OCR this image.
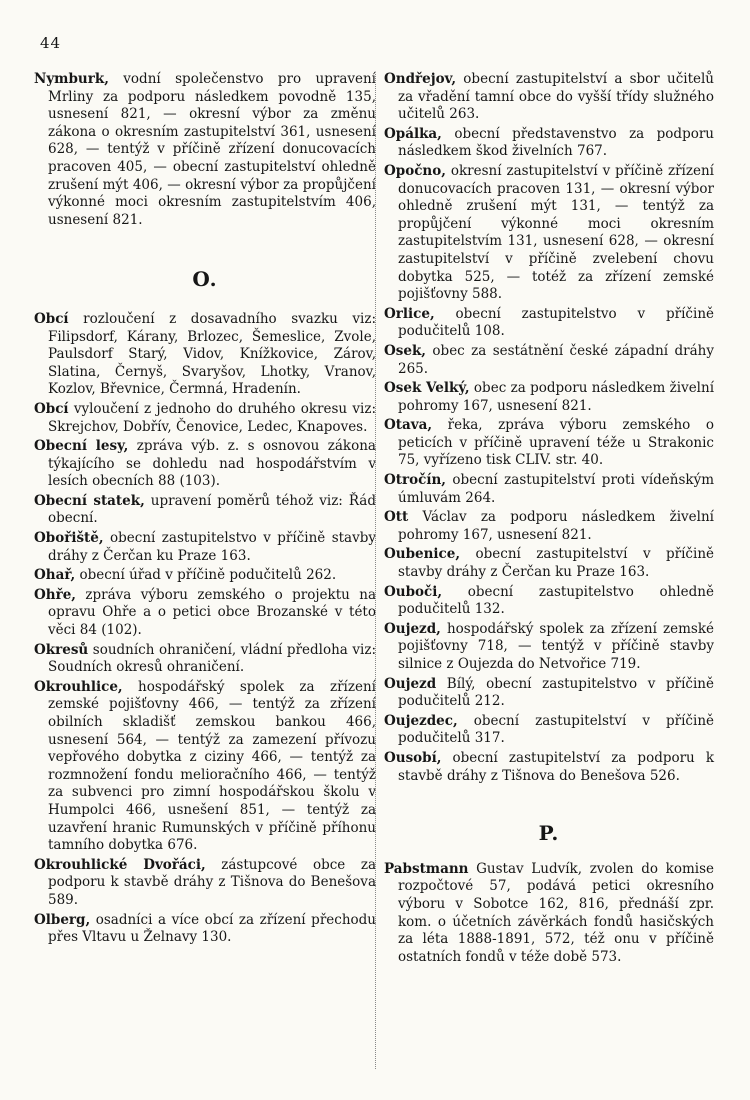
44
Nymburk, vodní společenstvo pro upravení Mrliny za podporu následkem povodně 135, usnesení 821, — okresní výbor za změnu zákona o okresním zastupitelství 361, usnesení 628, — tentýž v příčině zřízení donucovacích pracoven 405, — obecní zastupitelství ohledně zrušení mýt 406, — okresní výbor za propůjčení výkonné moci okresním zastupitelstvím 406, usnesení 821.
O.
Obcí rozloučení z dosavadního svazku viz: Filipsdorf, Kárany, Brlozec, Šemeslice, Zvole, Paulsdorf Starý, Vidov, Knížkovice, Zárov, Slatina, Černyš, Svaryšov, Lhotky, Vranov, Kozlov, Břevnice, Čermná, Hradenín.
Obcí vyloučení z jednoho do druhého okresu viz: Skrejchov, Dobřív, Čenovice, Ledec, Knapoves.
Obecní lesy, zpráva výb. z. s osnovou zákona týkajícího se dohledu nad hospodářstvím v lesích obecních 88 (103).
Obecní statek, upravení poměrů téhož viz: Řád obecní.
Obořiště, obecní zastupitelstvo v příčině stavby dráhy z Čerčan ku Praze 163.
Ohař, obecní úřad v příčině podučitelů 262.
Ohře, zpráva výboru zemského o projektu na opravu Ohře a o petici obce Brozanské v této věci 84 (102).
Okresů soudních ohraničení, vládní předloha viz: Soudních okresů ohraničení.
Okrouhlice, hospodářský spolek za zřízení zemské pojišťovny 466, — tentýž za zřízení obilních skladišť zemskou bankou 466, usnesení 564, — tentýž za zamezení přívozu vepřového dobytka z ciziny 466, — tentýž za rozmnožení fondu melioračního 466, — tentýž za subvenci pro zimní hospodářskou školu v Humpolci 466, usnešení 851, — tentýž za uzavření hranic Rumunských v příčině příhonu tamního dobytka 676.
Okrouhlické Dvořáci, zástupcové obce za podporu k stavbě dráhy z Tišnova do Benešova 589.
Olberg, osadníci a více obcí za zřízení přechodu přes Vltavu u Želnavy 130.
Ondřejov, obecní zastupitelství a sbor učitelů za vřadění tamní obce do vyšší třídy služného učitelů 263.
Opálka, obecní představenstvo za podporu následkem škod živelních 767.
Opočno, okresní zastupitelství v příčině zřízení donucovacích pracoven 131, — okresní výbor ohledně zrušení mýt 131, — tentýž za propůjčení výkonné moci okresním zastupitelstvím 131, usnesení 628, — okresní zastupitelství v příčině zvelebení chovu dobytka 525, — totéž za zřízení zemské pojišťovny 588.
Orlice, obecní zastupitelstvo v příčině podučitelů 108.
Osek, obec za sestátnění české západní dráhy 265.
Osek Velký, obec za podporu následkem živelní pohromy 167, usnesení 821.
Otava, řeka, zpráva výboru zemského o peticích v příčině upravení téže u Strakonic 75, vyřízeno tisk CLIV. str. 40.
Otročín, obecní zastupitelství proti vídeňským úmluvám 264.
Ott Václav za podporu následkem živelní pohromy 167, usnesení 821.
Oubenice, obecní zastupitelství v příčině stavby dráhy z Čerčan ku Praze 163.
Ouboči, obecní zastupitelstvo ohledně podučitelů 132.
Oujezd, hospodářský spolek za zřízení zemské pojišťovny 718, — tentýž v příčině stavby silnice z Oujezda do Netvořice 719.
Oujezd Bílý, obecní zastupitelstvo v příčině podučitelů 212.
Oujezdec, obecní zastupitelství v příčině podučitelů 317.
Ousobí, obecní zastupitelství za podporu k stavbě dráhy z Tišnova do Benešova 526.
P.
Pabstmann Gustav Ludvík, zvolen do komise rozpočtové 57, podává petici okresního výboru v Sobotce 162, 816, přednáší zpr. kom. o účetních závěrkách fondů hasičských za léta 1888-1891, 572, též onu v příčině ostatních fondů v téže době 573.
